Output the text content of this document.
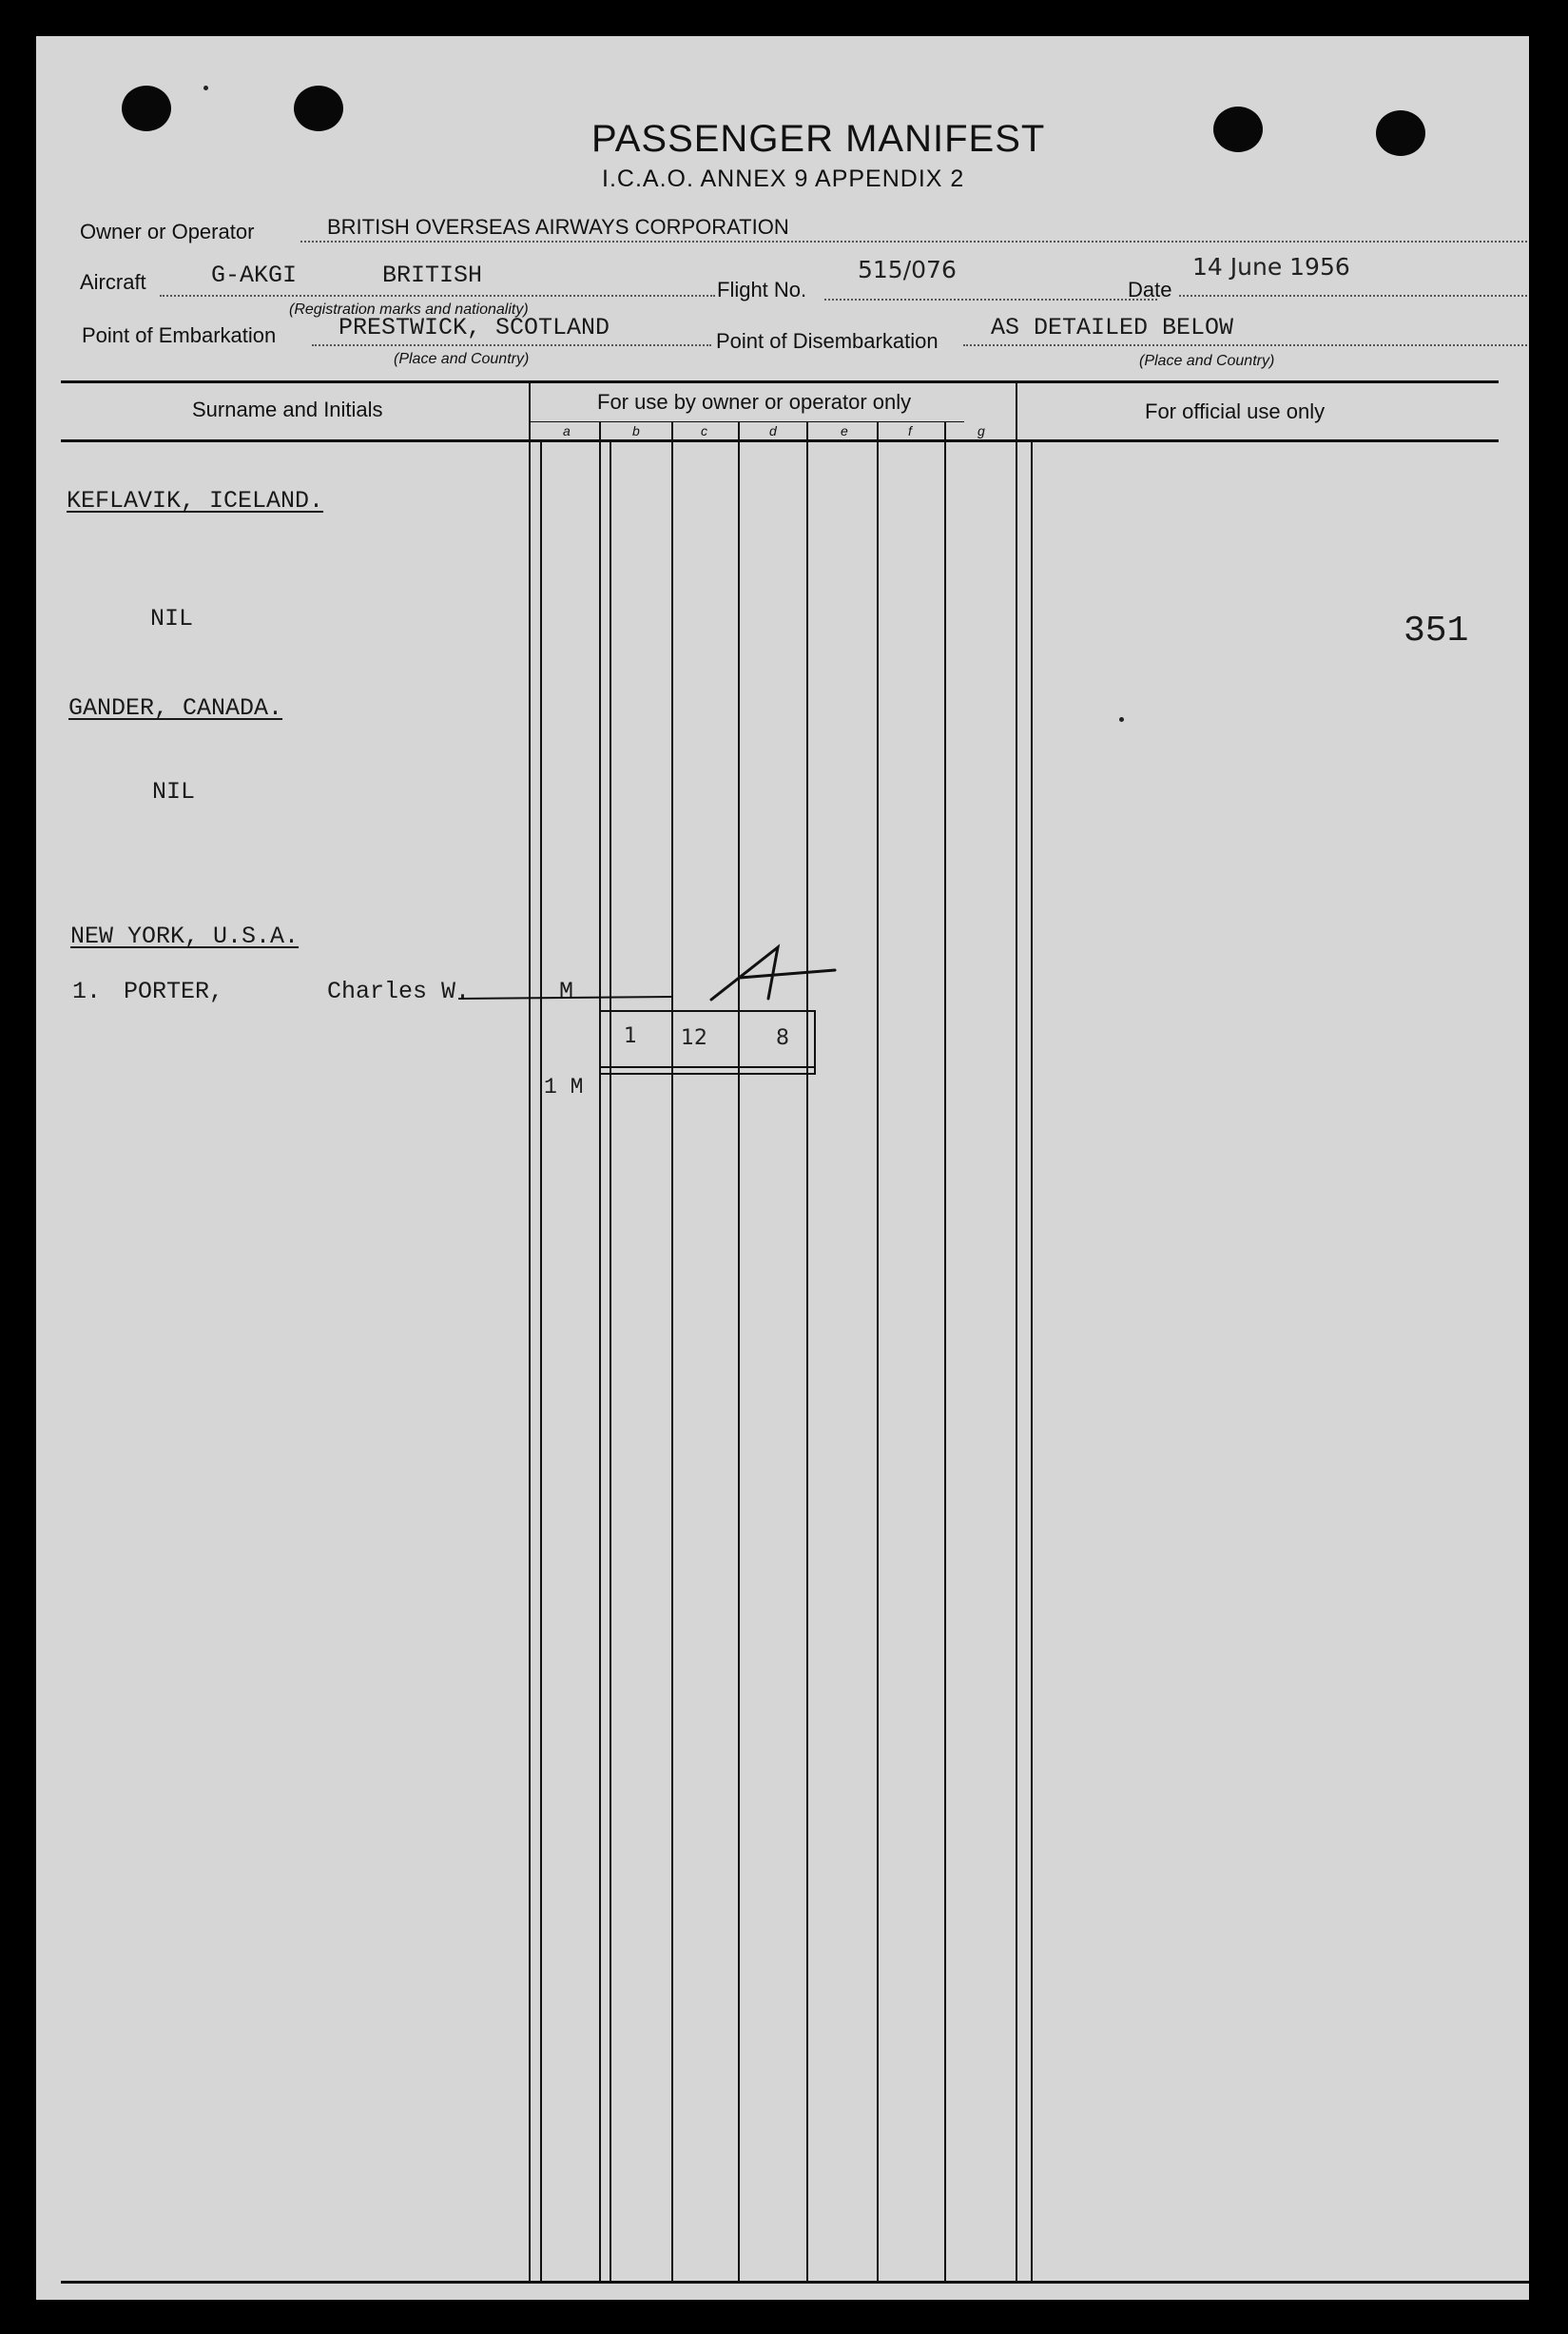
PASSENGER MANIFEST
I.C.A.O. ANNEX 9 APPENDIX 2
Owner or Operator	BRITISH OVERSEAS AIRWAYS CORPORATION
Aircraft	G-AKGI	BRITISH
(Registration marks and nationality)
Flight No.
515/076
Date
14 June 1956
Point of Embarkation	PRESTWICK, SCOTLAND
(Place and Country)
Point of Disembarkation AS DETAILED BELOW
(Place and Country)
Surname and Initials	For use by owner or operator only	For official use only
a	b	c	d	e	f	g
KEFLAVIK, ICELAND.
NIL
GANDER, CANADA.
NIL
NEW YORK, U.S.A.
1. PORTER,	Charles W.	M
1 12	8
1 M
351
